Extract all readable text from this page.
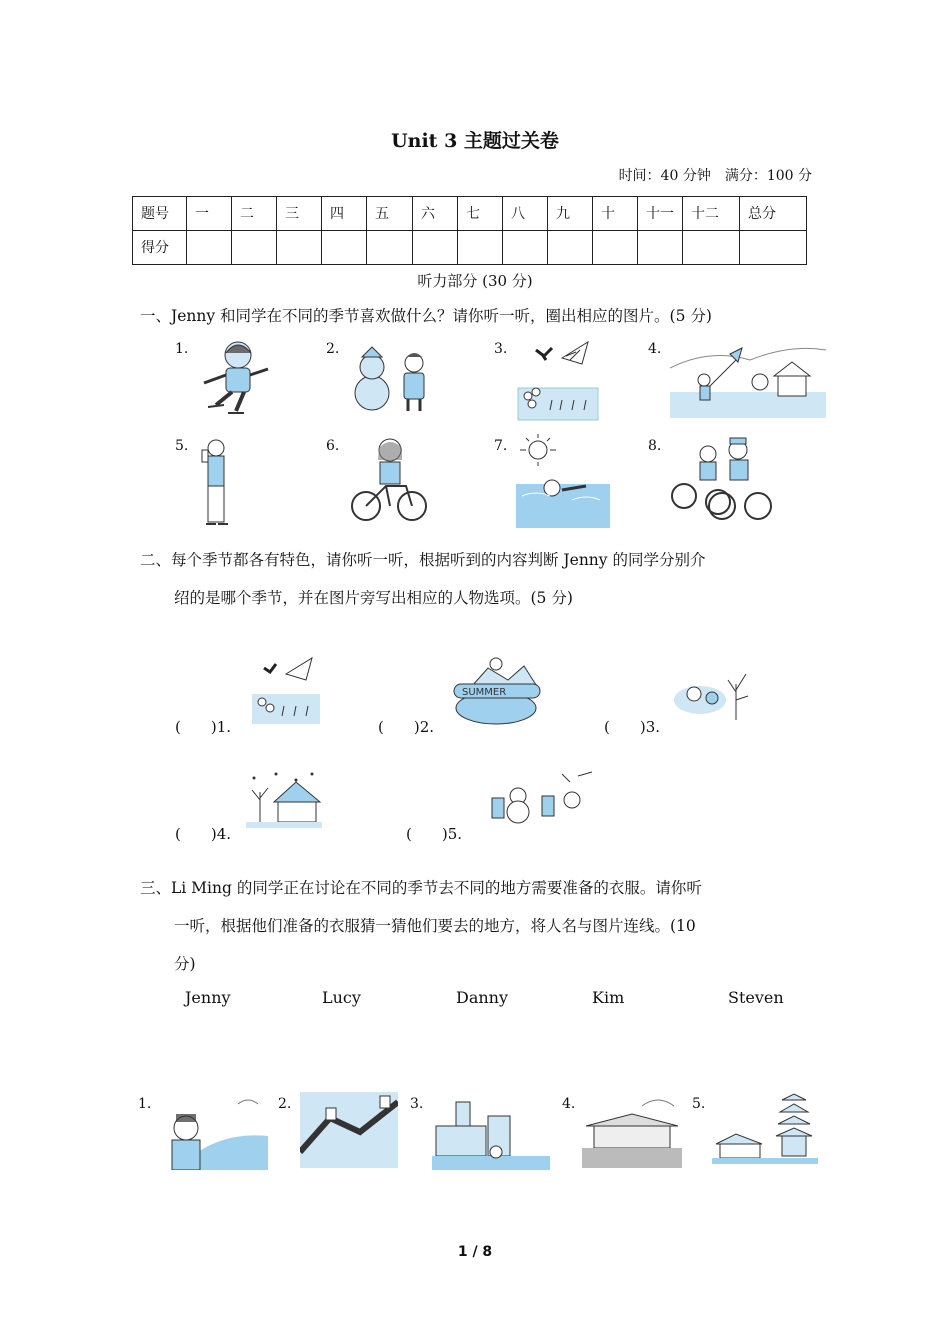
Unit 3 主题过关卷
时间：40 分钟　满分：100 分
题号	一	二	三	四	五	六	七	八	九	十	十一	十二	总分
得分													
听力部分 (30 分)
一、Jenny 和同学在不同的季节喜欢做什么？请你听一听，圈出相应的图片。(5 分)
1.	2.	3.	4.
5.	6.	7.	8.
二、每个季节都各有特色，请你听一听，根据听到的内容判断 Jenny 的同学分别介
绍的是哪个季节，并在图片旁写出相应的人物选项。(5 分)
SUMMER
(　　)1.	(　　)2.	(　　)3.
(　　)4.	(　　)5.
三、Li Ming 的同学正在讨论在不同的季节去不同的地方需要准备的衣服。请你听
一听，根据他们准备的衣服猜一猜他们要去的地方，将人名与图片连线。(10
分)
Jenny	Lucy	Danny	Kim	Steven
1.	2.	3.	4.	5.
1 / 8
